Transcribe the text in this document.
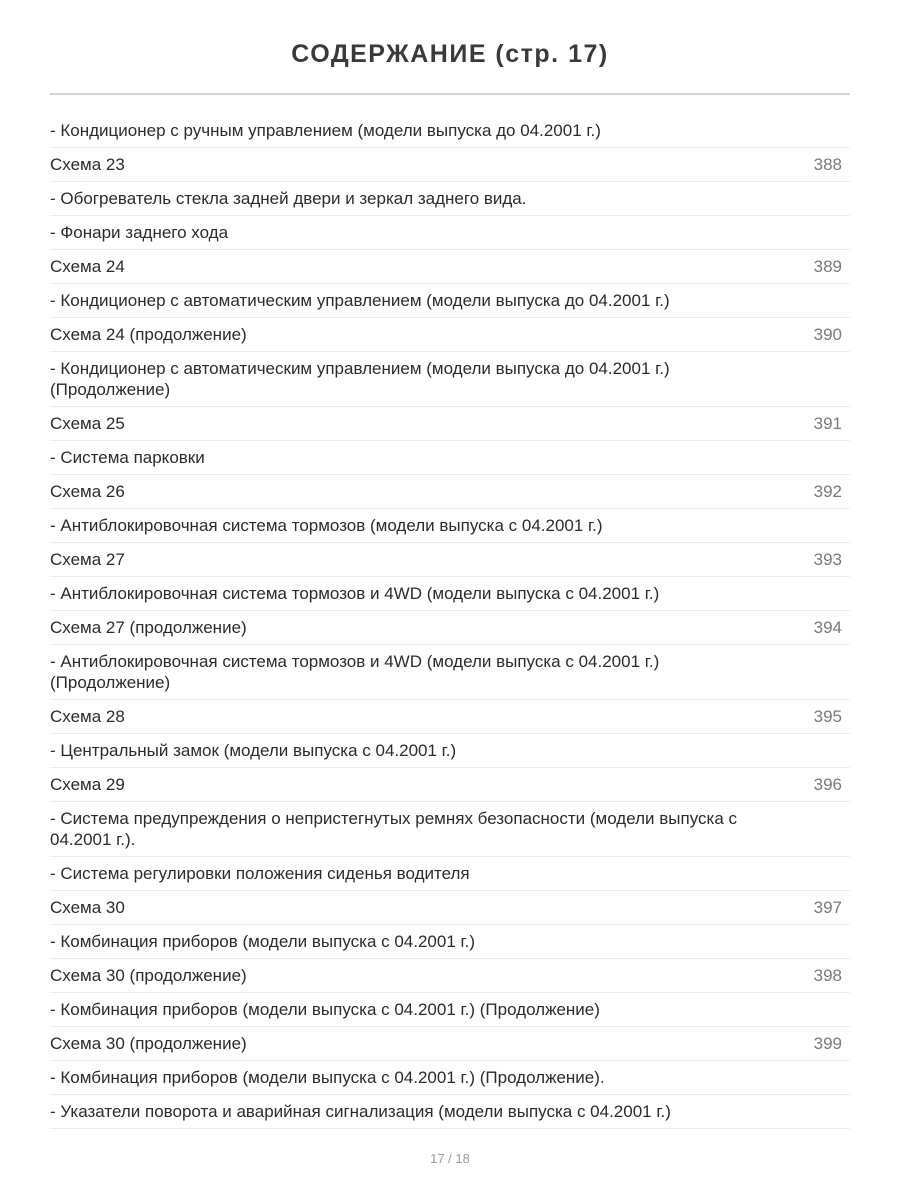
СОДЕРЖАНИЕ (стр. 17)
- Кондиционер с ручным управлением (модели выпуска до 04.2001 г.)
Схема 23	388
- Обогреватель стекла задней двери и зеркал заднего вида.
- Фонари заднего хода
Схема 24	389
- Кондиционер с автоматическим управлением (модели выпуска до 04.2001 г.)
Схема 24 (продолжение)	390
- Кондиционер с автоматическим управлением (модели выпуска до 04.2001 г.) (Продолжение)
Схема 25	391
- Система парковки
Схема 26	392
- Антиблокировочная система тормозов (модели выпуска с 04.2001 г.)
Схема 27	393
- Антиблокировочная система тормозов и 4WD (модели выпуска с 04.2001 г.)
Схема 27 (продолжение)	394
- Антиблокировочная система тормозов и 4WD (модели выпуска с 04.2001 г.) (Продолжение)
Схема 28	395
- Центральный замок (модели выпуска с 04.2001 г.)
Схема 29	396
- Система предупреждения о непристегнутых ремнях безопасности (модели выпуска с 04.2001 г.).
- Система регулировки положения сиденья водителя
Схема 30	397
- Комбинация приборов (модели выпуска с 04.2001 г.)
Схема 30 (продолжение)	398
- Комбинация приборов (модели выпуска с 04.2001 г.) (Продолжение)
Схема 30 (продолжение)	399
- Комбинация приборов (модели выпуска с 04.2001 г.) (Продолжение).
- Указатели поворота и аварийная сигнализация (модели выпуска с 04.2001 г.)
17 / 18
